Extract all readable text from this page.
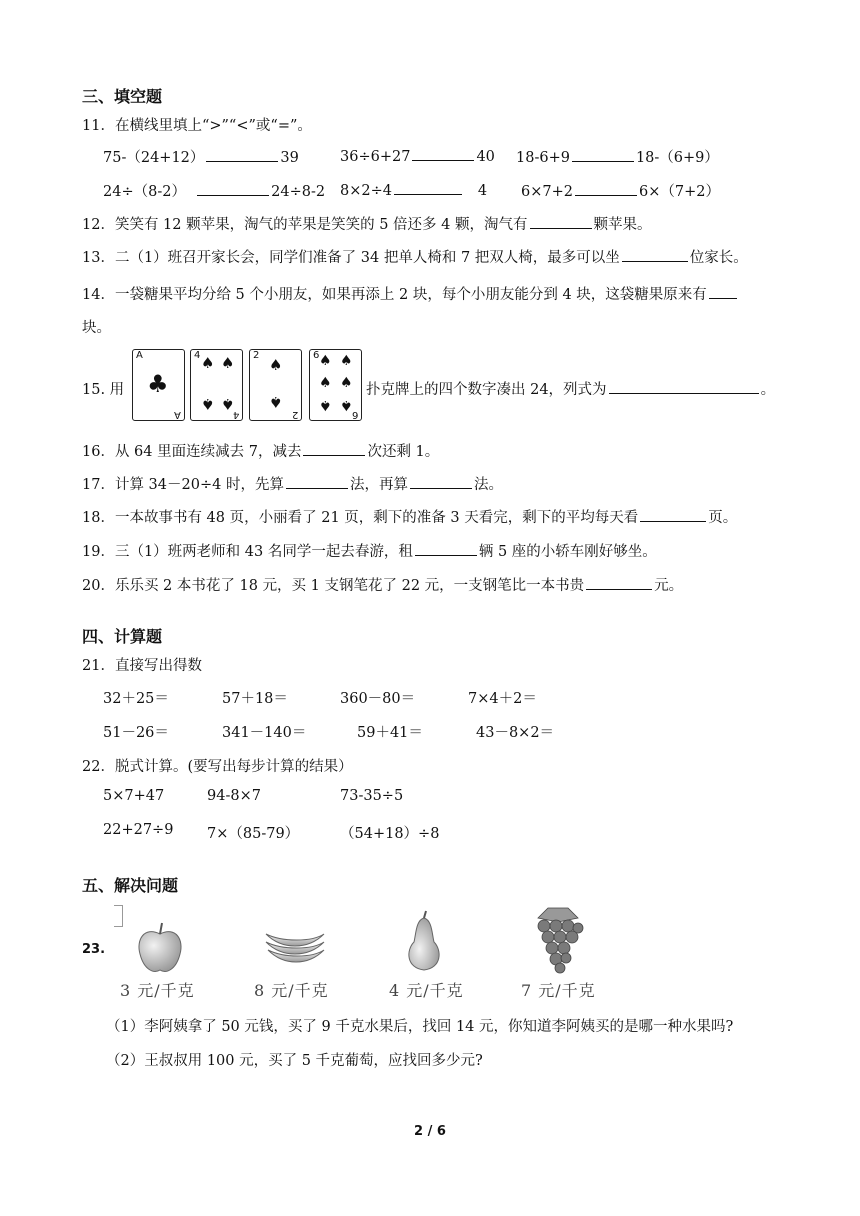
三、填空题
11．在横线里填上“>”“<”或“=”。
75-（24+12）	39	36÷6+27	40 18-6+9	18-（6+9）
24÷（8-2）	24÷8-2 8×2÷4	4 6×7+2	6×（7+2）
12．笑笑有 12 颗苹果，淘气的苹果是笑笑的 5 倍还多 4 颗，淘气有	颗苹果。
13．二（1）班召开家长会，同学们准备了 34 把单人椅和 7 把双人椅，最多可以坐	位家长。
14．一袋糖果平均分给 5 个小朋友，如果再添上 2 块，每个小朋友能分到 4 块，这袋糖果原来有
块。
15. 用
A
♣
A
4 ♠ ♠
♠ ♠
4
2
♠
♠
2
6 ♠ ♠
♠ ♠
♠ ♠
6
扑克牌上的四个数字凑出 24，列式为	。
16．从 64 里面连续减去 7，减去	次还剩 1。
17．计算 34－20÷4 时，先算	法，再算	法。
18．一本故事书有 48 页，小丽看了 21 页，剩下的准备 3 天看完，剩下的平均每天看	页。
19．三（1）班两老师和 43 名同学一起去春游，租	辆 5 座的小轿车刚好够坐。
20．乐乐买 2 本书花了 18 元，买 1 支钢笔花了 22 元，一支钢笔比一本书贵	元。
四、计算题
21．直接写出得数
32＋25＝	57＋18＝	360－80＝	7×4＋2＝
51－26＝	341－140＝	59＋41＝	43－8×2＝
22．脱式计算。(要写出每步计算的结果）
5×7+47	94-8×7	73-35÷5
22+27÷9 7×（85-79）	（54+18）÷8
五、解决问题
23.
3 元/千克	8 元/千克	4 元/千克	7 元/千克
（1）李阿姨拿了 50 元钱，买了 9 千克水果后，找回 14 元，你知道李阿姨买的是哪一种水果吗?
（2）王叔叔用 100 元，买了 5 千克葡萄，应找回多少元?
2 / 6
